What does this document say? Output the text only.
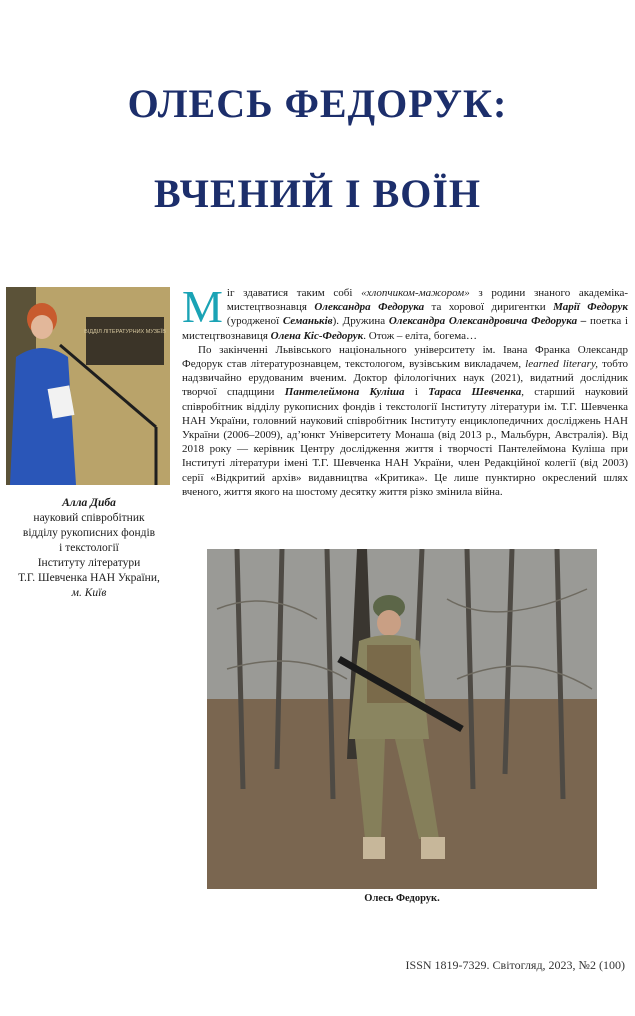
ОЛЕСЬ ФЕДОРУК:
ВЧЕНИЙ І ВОЇН
ВІДДІЛ ЛІТЕРАТУРНИХ МУЗЕЇВ
Алла Диба
науковий співробітник
відділу рукописних фондів
і текстології
Інституту літератури
Т.Г. Шевченка НАН України,
м. Київ

Міг здаватися таким собі «хлопчиком-мажором» з родини знаного академіка-мистецтвознавця Олександра Федорука та хорової диригентки Марії Федорук (уродженої Семаньків). Дружина Олександра Олександровича Федорука – поетка і мистецтвознавиця Олена Кіс-Федорук. Отож – еліта, богема…

По закінченні Львівського національного університету ім. Івана Франка Олександр Федорук став літературознавцем, текстологом, вузівським викладачем, learned literary, тобто надзвичайно ерудованим вченим. Доктор філологічних наук (2021), видатний дослідник творчої спадщини Пантелеймона Куліша і Тараса Шевченка, старший науковий співробітник відділу рукописних фондів і текстології Інституту літератури ім. Т.Г. Шевченка НАН України, головний науковий співробітник Інституту енциклопедичних досліджень НАН України (2006–2009), ад’юнкт Університету Монаша (від 2013 р., Мальбурн, Австралія). Від 2018 року — керівник Центру дослідження життя і творчості Пантелеймона Куліша при Інституті літератури імені Т.Г. Шевченка НАН України, член Редакційної колегії (від 2003) серії «Відкритий архів» видавництва «Критика». Це лише пунктирно окреслений шлях вченого, життя якого на шостому десятку життя різко змінила війна.

Олесь Федорук.
ISSN 1819-7329. Світогляд, 2023, №2 (100)
